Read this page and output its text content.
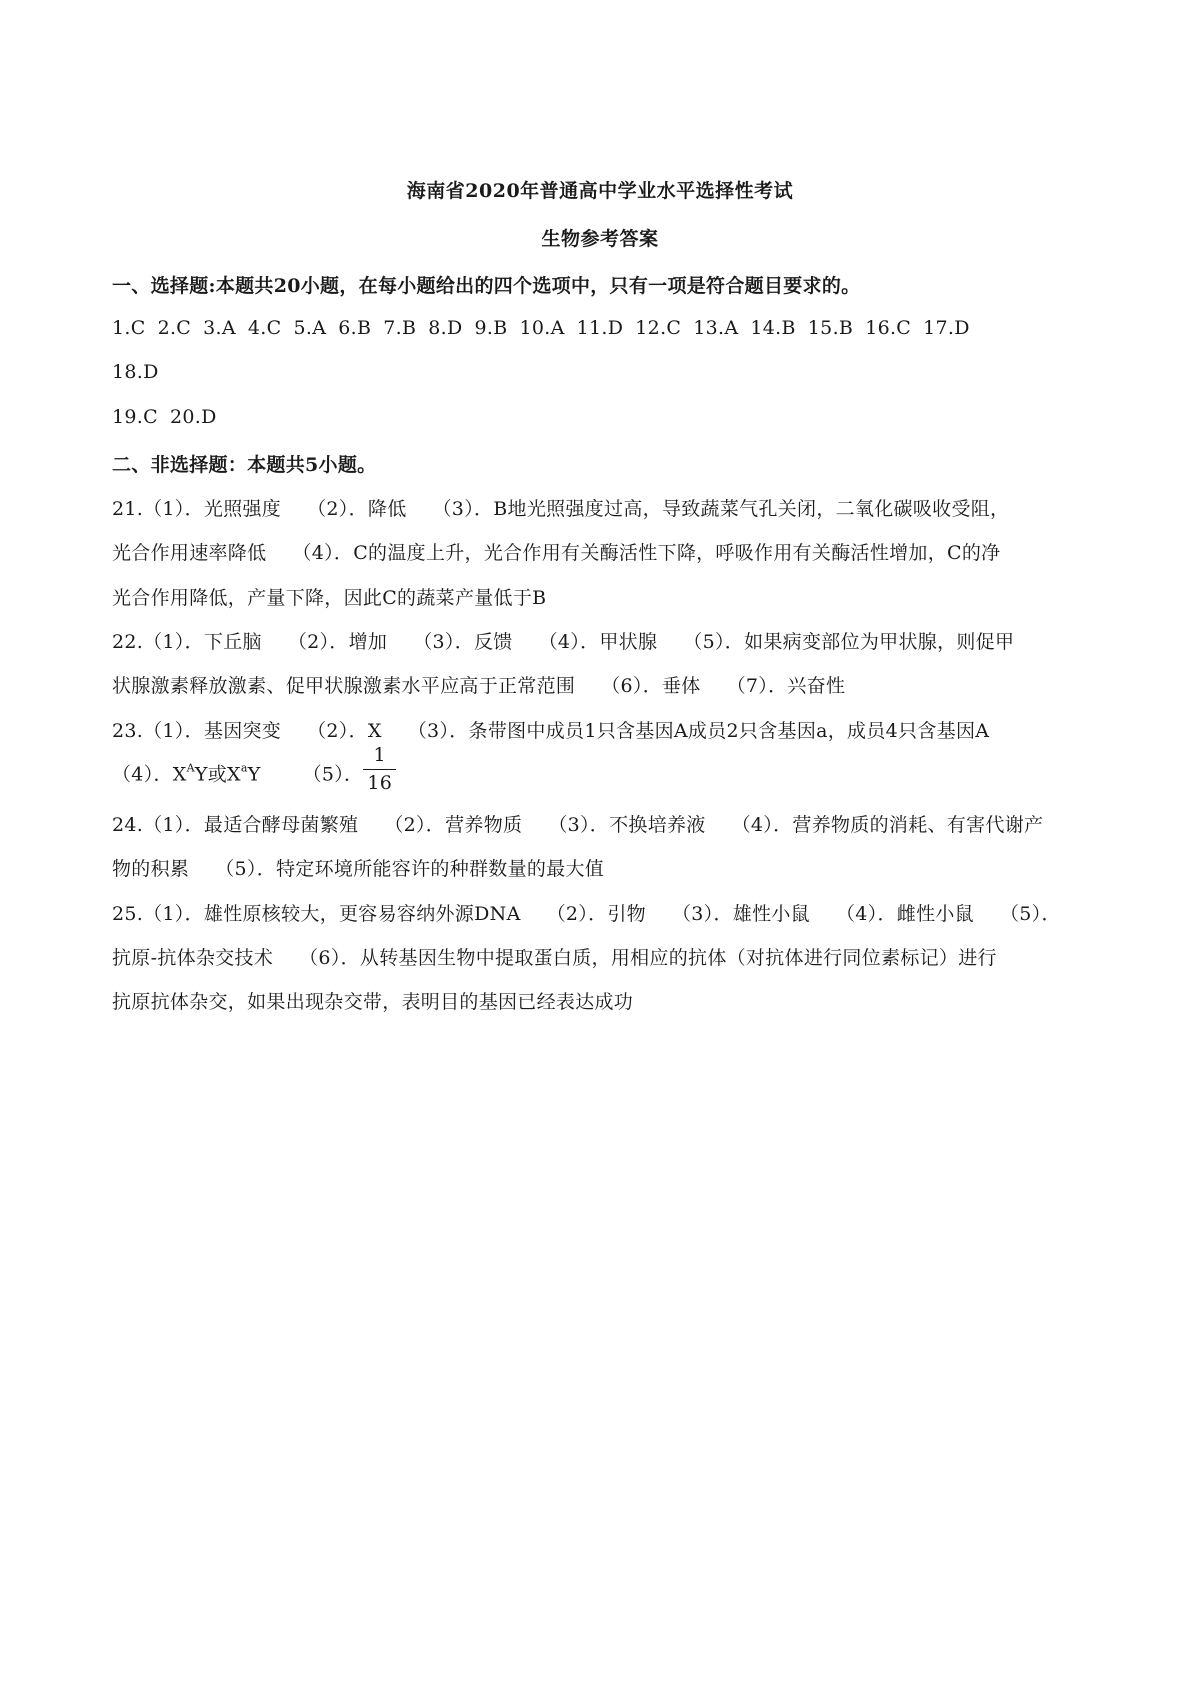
海南省2020年普通高中学业水平选择性考试
生物参考答案
一、选择题:本题共20小题，在每小题给出的四个选项中，只有一项是符合题目要求的。
1.C 2.C 3.A 4.C 5.A 6.B 7.B 8.D 9.B 10.A 11.D 12.C 13.A 14.B 15.B 16.C 17.D
18.D
19.C 20.D
二、非选择题：本题共5小题。
21.（1）．光照强度 （2）．降低 （3）．B地光照强度过高，导致蔬菜气孔关闭，二氧化碳吸收受阻，
光合作用速率降低 （4）．C的温度上升，光合作用有关酶活性下降，呼吸作用有关酶活性增加，C的净
光合作用降低，产量下降，因此C的蔬菜产量低于B
22.（1）．下丘脑 （2）．增加 （3）．反馈 （4）．甲状腺 （5）．如果病变部位为甲状腺，则促甲
状腺激素释放激素、促甲状腺激素水平应高于正常范围 （6）．垂体 （7）．兴奋性
23.（1）．基因突变 （2）．X （3）．条带图中成员1只含基因A成员2只含基因a，成员4只含基因A
（4）．$X^AY$或$X^aY$ （5）． $\frac{1}{16}$
24.（1）．最适合酵母菌繁殖 （2）．营养物质 （3）．不换培养液 （4）．营养物质的消耗、有害代谢产
物的积累 （5）．特定环境所能容许的种群数量的最大值
25.（1）．雄性原核较大，更容易容纳外源DNA （2）．引物 （3）．雄性小鼠 （4）．雌性小鼠 （5）．
抗原-抗体杂交技术 （6）．从转基因生物中提取蛋白质，用相应的抗体（对抗体进行同位素标记）进行
抗原抗体杂交，如果出现杂交带，表明目的基因已经表达成功
